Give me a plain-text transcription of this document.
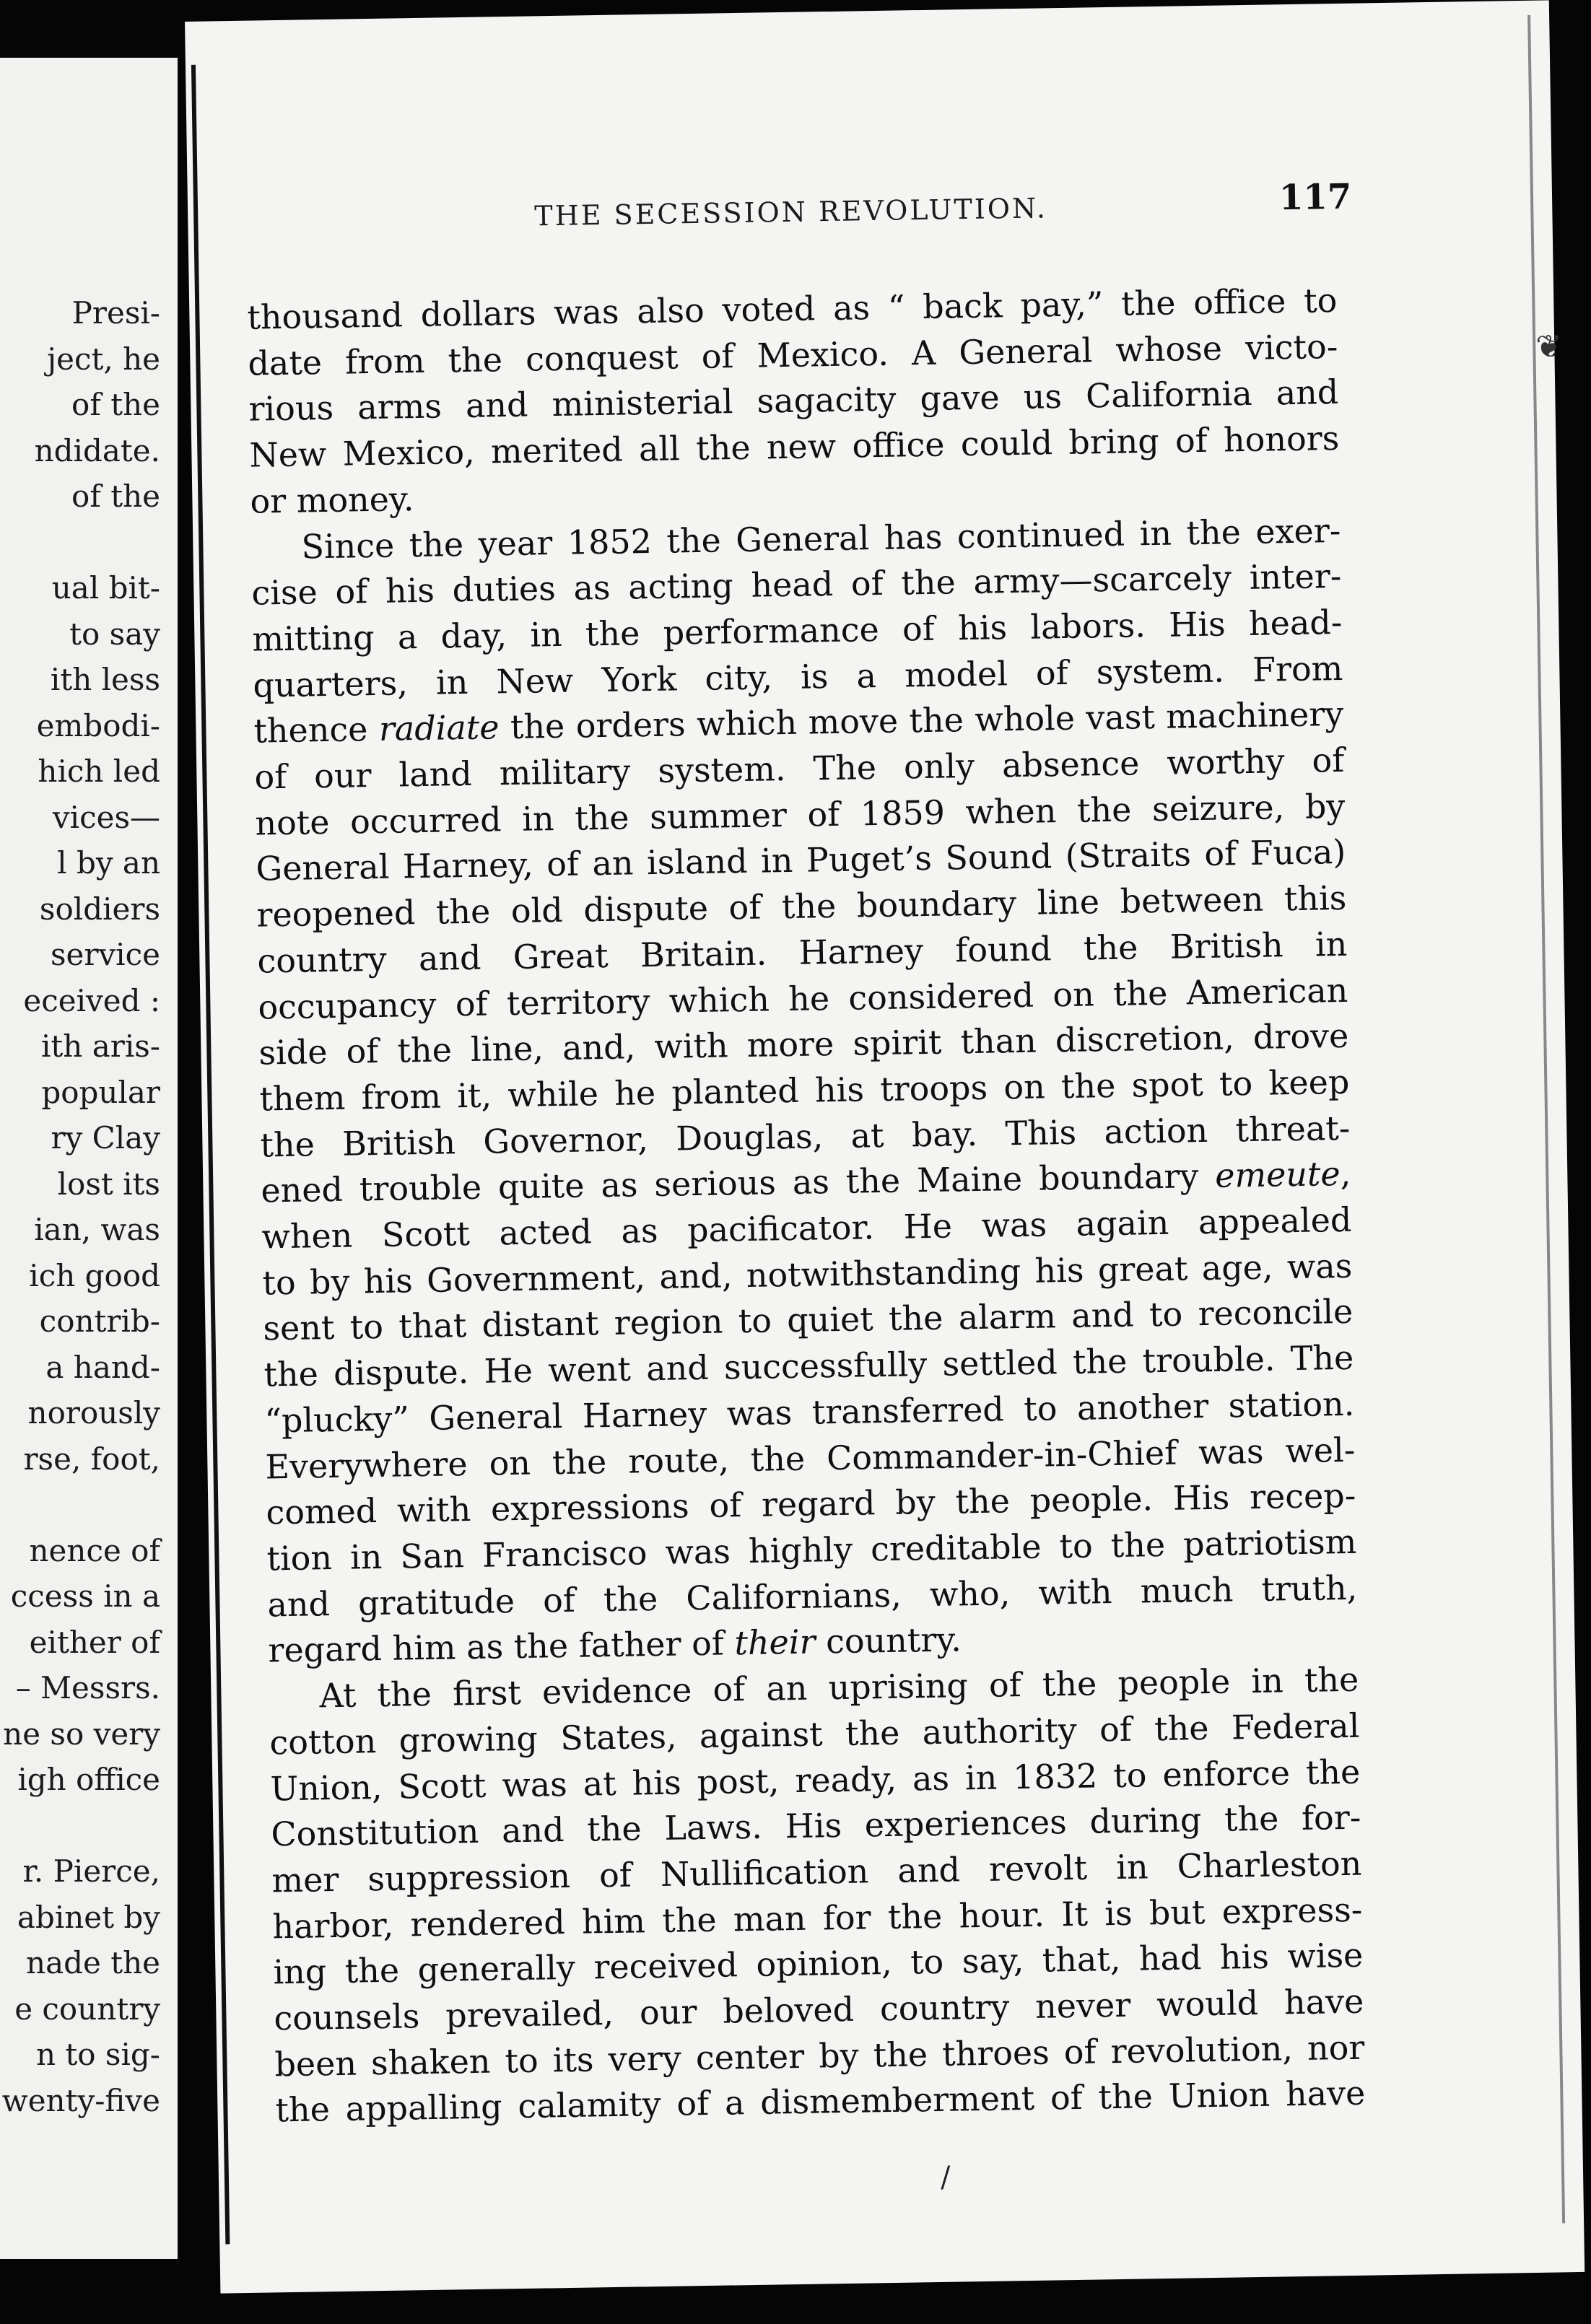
Presi-
ject, he
of the
ndidate.
of the
ual bit-
to say
ith less
embodi-
hich led
vices—
l by an
soldiers
service
eceived :
ith aris-
popular
ry Clay
lost its
ian, was
ich good
contrib-
a hand-
norously
rse, foot,
nence of
ccess in a
either of
– Messrs.
ne so very
igh office
r. Pierce,
abinet by
nade the
e country
n to sig-
wenty-five
THE SECESSION REVOLUTION.	117
thousand dollars was also voted as “ back pay,” the office to
date from the conquest of Mexico. A General whose victo-
rious arms and ministerial sagacity gave us California and
New Mexico, merited all the new office could bring of honors
or money.
Since the year 1852 the General has continued in the exer-
cise of his duties as acting head of the army—scarcely inter-
mitting a day, in the performance of his labors. His head-
quarters, in New York city, is a model of system. From
thence radiate the orders which move the whole vast machinery
of our land military system. The only absence worthy of
note occurred in the summer of 1859 when the seizure, by
General Harney, of an island in Puget’s Sound (Straits of Fuca)
reopened the old dispute of the boundary line between this
country and Great Britain. Harney found the British in
occupancy of territory which he considered on the American
side of the line, and, with more spirit than discretion, drove
them from it, while he planted his troops on the spot to keep
the British Governor, Douglas, at bay. This action threat-
ened trouble quite as serious as the Maine boundary emeute,
when Scott acted as pacificator. He was again appealed
to by his Government, and, notwithstanding his great age, was
sent to that distant region to quiet the alarm and to reconcile
the dispute. He went and successfully settled the trouble. The
“plucky” General Harney was transferred to another station.
Everywhere on the route, the Commander-in-Chief was wel-
comed with expressions of regard by the people. His recep-
tion in San Francisco was highly creditable to the patriotism
and gratitude of the Californians, who, with much truth,
regard him as the father of their country.
At the first evidence of an uprising of the people in the
cotton growing States, against the authority of the Federal
Union, Scott was at his post, ready, as in 1832 to enforce the
Constitution and the Laws. His experiences during the for-
mer suppression of Nullification and revolt in Charleston
harbor, rendered him the man for the hour. It is but express-
ing the generally received opinion, to say, that, had his wise
counsels prevailed, our beloved country never would have
been shaken to its very center by the throes of revolution, nor
the appalling calamity of a dismemberment of the Union have
/
❦
